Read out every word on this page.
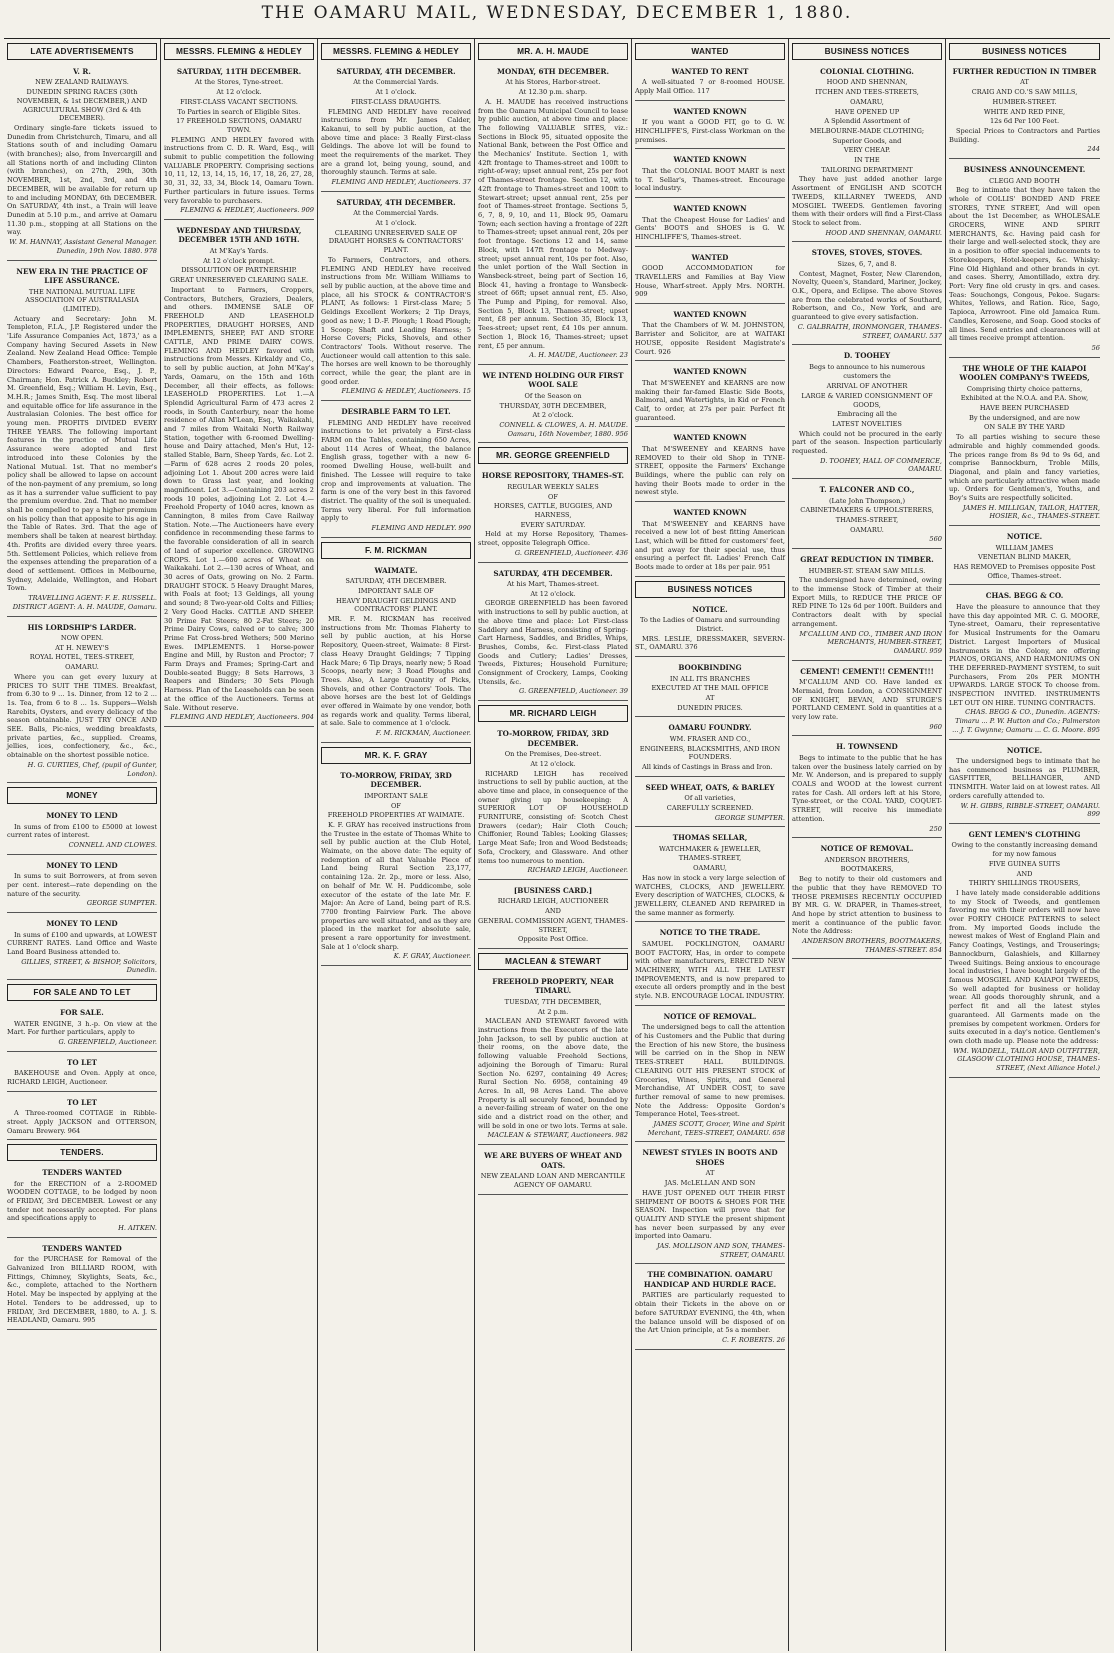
THE OAMARU MAIL, WEDNESDAY, DECEMBER 1, 1880.
LATE ADVERTISEMENTS
V. R.
NEW ZEALAND RAILWAYS.
DUNEDIN SPRING RACES (30th NOVEMBER, & 1st DECEMBER,) AND AGRICULTURAL SHOW (3rd & 4th DECEMBER).
Ordinary single-fare tickets issued to Dunedin from Christchurch, Timaru, and all Stations south of and including Oamaru (with branches); also, from Invercargill and all Stations north of and including Clinton (with branches), on 27th, 29th, 30th NOVEMBER, 1st, 2nd, 3rd, and 4th DECEMBER, will be available for return up to and including MONDAY, 6th DECEMBER. On SATURDAY, 4th inst., a Train will leave Dunedin at 5.10 p.m., and arrive at Oamaru 11.30 p.m., stopping at all Stations on the way.
W. M. HANNAY, Assistant General Manager. Dunedin, 19th Nov. 1880. 978
NEW ERA IN THE PRACTICE OF LIFE ASSURANCE.
THE NATIONAL MUTUAL LIFE ASSOCIATION OF AUSTRALASIA (LIMITED).
Actuary and Secretary: John M. Templeton, F.I.A., J.P. Registered under the 'Life Assurance Companies Act, 1873,' as a Company having Secured Assets in New Zealand. New Zealand Head Office: Temple Chambers, Featherston-street, Wellington. Directors: Edward Pearce, Esq., J. P., Chairman; Hon. Patrick A. Buckley; Robert M. Greenfield, Esq.; William H. Levin, Esq., M.H.R.; James Smith, Esq. The most liberal and equitable office for life assurance in the Australasian Colonies. The best office for young men. PROFITS DIVIDED EVERY THREE YEARS. The following important features in the practice of Mutual Life Assurance were adopted and first introduced into these Colonies by the National Mutual. 1st. That no member's policy shall be allowed to lapse on account of the non-payment of any premium, so long as it has a surrender value sufficient to pay the premium overdue. 2nd. That no member shall be compelled to pay a higher premium on his policy than that apposite to his age in the Table of Rates. 3rd. That the age of members shall be taken at nearest birthday. 4th. Profits are divided every three years. 5th. Settlement Policies, which relieve from the expenses attending the preparation of a deed of settlement. Offices in Melbourne, Sydney, Adelaide, Wellington, and Hobart Town.
TRAVELLING AGENT: F. E. RUSSELL. DISTRICT AGENT: A. H. MAUDE, Oamaru.
HIS LORDSHIP'S LARDER.
NOW OPEN.
AT H. NEWEY'S
ROYAL HOTEL, TEES-STREET,
OAMARU.
Where you can get every luxury at PRICES TO SUIT THE TIMES. Breakfast, from 6.30 to 9 ... 1s. Dinner, from 12 to 2 ... 1s. Tea, from 6 to 8 ... 1s. Suppers—Welsh Rarebits, Oysters, and every delicacy of the season obtainable. JUST TRY ONCE AND SEE. Balls, Pic-nics, wedding breakfasts, private parties, &c., supplied. Creams, jellies, ices, confectionery, &c., &c., obtainable on the shortest possible notice.
H. G. CURTIES, Chef, (pupil of Gunter, London).
MONEY
MONEY TO LEND
In sums of from £100 to £5000 at lowest current rates of interest.
CONNELL AND CLOWES.
MONEY TO LEND
In sums to suit Borrowers, at from seven per cent. interest—rate depending on the nature of the security.
GEORGE SUMPTER.
MONEY TO LEND
In sums of £100 and upwards, at LOWEST CURRENT RATES. Land Office and Waste Land Board Business attended to.
GILLIES, STREET, & BISHOP, Solicitors, Dunedin.
FOR SALE AND TO LET
FOR SALE.
WATER ENGINE, 3 h.-p. On view at the Mart. For further particulars, apply to
G. GREENFIELD, Auctioneer.
TO LET
BAKEHOUSE and Oven. Apply at once, RICHARD LEIGH, Auctioneer.
TO LET
A Three-roomed COTTAGE in Ribble-street. Apply JACKSON and OTTERSON, Oamaru Brewery. 964
TENDERS.
TENDERS WANTED
for the ERECTION of a 2-ROOMED WOODEN COTTAGE, to be lodged by noon of FRIDAY, 3rd DECEMBER. Lowest or any tender not necessarily accepted. For plans and specifications apply to
H. AITKEN.
TENDERS WANTED
for the PURCHASE for Removal of the Galvanized Iron BILLIARD ROOM, with Fittings, Chimney, Skylights, Seats, &c., &c., complete, attached to the Northern Hotel. May be inspected by applying at the Hotel. Tenders to be addressed, up to FRIDAY, 3rd DECEMBER, 1880, to A. J. S. HEADLAND, Oamaru. 995
MESSRS. FLEMING & HEDLEY
SATURDAY, 11TH DECEMBER.
At the Stores, Tyne-street.
At 12 o'clock.
FIRST-CLASS VACANT SECTIONS.
To Parties in search of Eligible Sites.
17 FREEHOLD SECTIONS, OAMARU TOWN.
FLEMING AND HEDLEY favored with instructions from C. D. R. Ward, Esq., will submit to public competition the following VALUABLE PROPERTY. Comprising sections 10, 11, 12, 13, 14, 15, 16, 17, 18, 26, 27, 28, 30, 31, 32, 33, 34, Block 14, Oamaru Town. Further particulars in future issues. Terms very favorable to purchasers.
FLEMING & HEDLEY, Auctioneers. 909
WEDNESDAY AND THURSDAY, DECEMBER 15TH AND 16TH.
At M'Kay's Yards.
At 12 o'clock prompt.
DISSOLUTION OF PARTNERSHIP.
GREAT UNRESERVED CLEARING SALE.
Important to Farmers, Croppers, Contractors, Butchers, Graziers, Dealers, and others. IMMENSE SALE OF FREEHOLD AND LEASEHOLD PROPERTIES, DRAUGHT HORSES, AND IMPLEMENTS, SHEEP, FAT AND STORE CATTLE, AND PRIME DAIRY COWS. FLEMING AND HEDLEY favored with instructions from Messrs. Kirkaldy and Co., to sell by public auction, at John M'Kay's Yards, Oamaru, on the 15th and 16th December, all their effects, as follows: LEASEHOLD PROPERTIES. Lot 1.—A Splendid Agricultural Farm of 473 acres 2 roods, in South Canterbury, near the home residence of Allan M'Lean, Esq., Waikakahi, and 7 miles from Waitaki North Railway Station, together with 6-roomed Dwelling-house and Dairy attached, Men's Hut, 12-stalled Stable, Barn, Sheep Yards, &c. Lot 2.—Farm of 628 acres 2 roods 20 poles, adjoining Lot 1. About 200 acres were laid down to Grass last year, and looking magnificent. Lot 3.—Containing 203 acres 2 roods 10 poles, adjoining Lot 2. Lot 4.—Freehold Property of 1040 acres, known as Cannington, 8 miles from Cave Railway Station. Note.—The Auctioneers have every confidence in recommending these farms to the favorable consideration of all in search of land of superior excellence. GROWING CROPS. Lot 1.—600 acres of Wheat on Waikakahi. Lot 2.—130 acres of Wheat, and 30 acres of Oats, growing on No. 2 Farm. DRAUGHT STOCK. 5 Heavy Draught Mares, with Foals at foot; 13 Geldings, all young and sound; 8 Two-year-old Colts and Fillies; 2 Very Good Hacks. CATTLE AND SHEEP. 30 Prime Fat Steers; 80 2-Fat Steers; 20 Prime Dairy Cows, calved or to calve; 300 Prime Fat Cross-bred Wethers; 500 Merino Ewes. IMPLEMENTS. 1 Horse-power Engine and Mill, by Ruston and Proctor; 7 Farm Drays and Frames; Spring-Cart and Double-seated Buggy; 8 Sets Harrows, 3 Reapers and Binders; 30 Sets Plough Harness. Plan of the Leaseholds can be seen at the office of the Auctioneers. Terms at Sale. Without reserve.
FLEMING AND HEDLEY, Auctioneers. 904
MESSRS. FLEMING & HEDLEY
SATURDAY, 4TH DECEMBER.
At the Commercial Yards.
At 1 o'clock.
FIRST-CLASS DRAUGHTS.
FLEMING AND HEDLEY have received instructions from Mr. James Calder, Kakanui, to sell by public auction, at the above time and place: 3 Really First-class Geldings. The above lot will be found to meet the requirements of the market. They are a grand lot, being young, sound, and thoroughly staunch. Terms at sale.
FLEMING AND HEDLEY, Auctioneers. 37
SATURDAY, 4TH DECEMBER.
At the Commercial Yards.
At 1 o'clock.
CLEARING UNRESERVED SALE OF DRAUGHT HORSES & CONTRACTORS' PLANT.
To Farmers, Contractors, and others. FLEMING AND HEDLEY have received instructions from Mr. William Williams to sell by public auction, at the above time and place, all his STOCK & CONTRACTOR'S PLANT, As follows: 1 First-class Mare; 5 Geldings Excellent Workers; 2 Tip Drays, good as new; 1 D.-F. Plough; 1 Road Plough; 1 Scoop; Shaft and Leading Harness; 5 Horse Covers; Picks, Shovels, and other Contractors' Tools. Without reserve. The Auctioneer would call attention to this sale. The horses are well known to be thoroughly correct, while the gear, the plant are in good order.
FLEMING & HEDLEY, Auctioneers. 15
DESIRABLE FARM TO LET.
FLEMING AND HEDLEY have received instructions to let privately a First-class FARM on the Tables, containing 650 Acres, about 114 Acres of Wheat, the balance English grass, together with a new 6-roomed Dwelling House, well-built and finished. The Lessee will require to take crop and improvements at valuation. The farm is one of the very best in this favored district. The quality of the soil is unequaled. Terms very liberal. For full information apply to
FLEMING AND HEDLEY. 990
F. M. RICKMAN
WAIMATE.
SATURDAY, 4TH DECEMBER.
IMPORTANT SALE OF
HEAVY DRAUGHT GELDINGS AND CONTRACTORS' PLANT.
MR. F. M. RICKMAN has received instructions from Mr. Thomas Flaherty to sell by public auction, at his Horse Repository, Queen-street, Waimate: 8 First-class Heavy Draught Geldings; 7 Tipping Hack Mare; 6 Tip Drays, nearly new; 5 Road Scoops, nearly new; 3 Road Ploughs and Trees. Also, A Large Quantity of Picks, Shovels, and other Contractors' Tools. The above horses are the best lot of Geldings ever offered in Waimate by one vendor, both as regards work and quality. Terms liberal, at sale. Sale to commence at 1 o'clock.
F. M. RICKMAN, Auctioneer.
MR. K. F. GRAY
TO-MORROW, FRIDAY, 3RD DECEMBER.
IMPORTANT SALE
OF
FREEHOLD PROPERTIES AT WAIMATE.
K. F. GRAY has received instructions from the Trustee in the estate of Thomas White to sell by public auction at the Club Hotel, Waimate, on the above date: The equity of redemption of all that Valuable Piece of Land being Rural Section 23,177, containing 12a. 2r. 2p., more or less. Also, on behalf of Mr. W. H. Puddicombe, sole executor of the estate of the late Mr. F. Major: An Acre of Land, being part of R.S. 7700 fronting Fairview Park. The above properties are well situated, and as they are placed in the market for absolute sale, present a rare opportunity for investment. Sale at 1 o'clock sharp.
K. F. GRAY, Auctioneer.
MR. A. H. MAUDE
MONDAY, 6TH DECEMBER.
At his Stores, Harbor-street.
At 12.30 p.m. sharp.
A. H. MAUDE has received instructions from the Oamaru Municipal Council to lease by public auction, at above time and place: The following VALUABLE SITES, viz.: Sections in Block 95, situated opposite the National Bank, between the Post Office and the Mechanics' Institute. Section 1, with 42ft frontage to Thames-street and 100ft to right-of-way; upset annual rent, 25s per foot of Thames-street frontage. Section 12, with 42ft frontage to Thames-street and 100ft to Stewart-street; upset annual rent, 25s per foot of Thames-street frontage. Sections 5, 6, 7, 8, 9, 10, and 11, Block 95, Oamaru Town; each section having a frontage of 22ft to Thames-street; upset annual rent, 20s per foot frontage. Sections 12 and 14, same Block, with 147ft frontage to Medway-street; upset annual rent, 10s per foot. Also, the unlet portion of the Wall Section in Wansbeck-street, being part of Section 16, Block 41, having a frontage to Wansbeck-street of 66ft; upset annual rent, £5. Also, The Pump and Piping, for removal. Also, Section 5, Block 13, Thames-street; upset rent, £8 per annum. Section 35, Block 13, Tees-street; upset rent, £4 10s per annum. Section 1, Block 16, Thames-street; upset rent, £5 per annum.
A. H. MAUDE, Auctioneer. 23
WE INTEND HOLDING OUR FIRST WOOL SALE
Of the Season on
THURSDAY, 30TH DECEMBER,
At 2 o'clock.
CONNELL & CLOWES, A. H. MAUDE. Oamaru, 16th November, 1880. 956
MR. GEORGE GREENFIELD
HORSE REPOSITORY, THAMES-ST.
REGULAR WEEKLY SALES
OF
HORSES, CATTLE, BUGGIES, AND HARNESS,
EVERY SATURDAY.
Held at my Horse Repository, Thames-street, opposite Telegraph Office.
G. GREENFIELD, Auctioneer. 436
SATURDAY, 4TH DECEMBER.
At his Mart, Thames-street.
At 12 o'clock.
GEORGE GREENFIELD has been favored with instructions to sell by public auction, at the above time and place: Lot First-class Saddlery and Harness, consisting of Spring-Cart Harness, Saddles, and Bridles, Whips, Brushes, Combs, &c. First-class Plated Goods and Cutlery; Ladies' Dresses, Tweeds, Fixtures; Household Furniture; Consignment of Crockery, Lamps, Cooking Utensils, &c.
G. GREENFIELD, Auctioneer. 39
MR. RICHARD LEIGH
TO-MORROW, FRIDAY, 3RD DECEMBER.
On the Premises, Dee-street.
At 12 o'clock.
RICHARD LEIGH has received instructions to sell by public auction, at the above time and place, in consequence of the owner giving up housekeeping: A SUPERIOR LOT OF HOUSEHOLD FURNITURE, consisting of: Scotch Chest Drawers (cedar); Hair Cloth Couch; Chiffonier, Round Tables; Looking Glasses; Large Meat Safe; Iron and Wood Bedsteads; Sofa, Crockery, and Glassware. And other items too numerous to mention.
RICHARD LEIGH, Auctioneer.
[BUSINESS CARD.]
RICHARD LEIGH, AUCTIONEER
AND
GENERAL COMMISSION AGENT, THAMES-STREET,
Opposite Post Office.
MACLEAN & STEWART
FREEHOLD PROPERTY, NEAR TIMARU.
TUESDAY, 7TH DECEMBER,
At 2 p.m.
MACLEAN AND STEWART favored with instructions from the Executors of the late John Jackson, to sell by public auction at their rooms, on the above date, the following valuable Freehold Sections, adjoining the Borough of Timaru: Rural Section No. 6297, containing 49 Acres; Rural Section No. 6958, containing 49 Acres. In all, 98 Acres Land. The above Property is all securely fenced, bounded by a never-failing stream of water on the one side and a district road on the other, and will be sold in one or two lots. Terms at sale.
MACLEAN & STEWART, Auctioneers. 982
WE ARE BUYERS OF WHEAT AND OATS.
NEW ZEALAND LOAN AND MERCANTILE AGENCY OF OAMARU.
WANTED
WANTED TO RENT
A well-situated 7 or 8-roomed HOUSE. Apply Mail Office. 117
WANTED KNOWN
If you want a GOOD FIT, go to G. W. HINCHLIFFE'S, First-class Workman on the premises.
WANTED KNOWN
That the COLONIAL BOOT MART is next to T. Sellar's, Thames-street. Encourage local industry.
WANTED KNOWN
That the Cheapest House for Ladies' and Gents' BOOTS and SHOES is G. W. HINCHLIFFE'S, Thames-street.
WANTED
GOOD ACCOMMODATION for TRAVELLERS and Families at Bay View House, Wharf-street. Apply Mrs. NORTH. 909
WANTED KNOWN
That the Chambers of W. M. JOHNSTON, Barrister and Solicitor, are at WAITAKI HOUSE, opposite Resident Magistrate's Court. 926
WANTED KNOWN
That M'SWEENEY and KEARNS are now making their far-famed Elastic Side Boots, Balmoral, and Watertights, in Kid or French Calf, to order, at 27s per pair. Perfect fit guaranteed.
WANTED KNOWN
That M'SWEENEY and KEARNS have REMOVED to their old Shop in TYNE-STREET, opposite the Farmers' Exchange Buildings, where the public can rely on having their Boots made to order in the newest style.
WANTED KNOWN
That M'SWEENEY and KEARNS have received a new lot of best fitting American Last, which will be fitted for customers' feet, and put away for their special use, thus ensuring a perfect fit. Ladies' French Calf Boots made to order at 18s per pair. 951
BUSINESS NOTICES
NOTICE.
To the Ladies of Oamaru and surrounding District.
MRS. LESLIE, DRESSMAKER, SEVERN-ST., OAMARU. 376
BOOKBINDING
IN ALL ITS BRANCHES
EXECUTED AT THE MAIL OFFICE
AT
DUNEDIN PRICES.
OAMARU FOUNDRY.
WM. FRASER AND CO.,
ENGINEERS, BLACKSMITHS, AND IRON FOUNDERS.
All kinds of Castings in Brass and Iron.
SEED WHEAT, OATS, & BARLEY
Of all varieties,
CAREFULLY SCREENED.
GEORGE SUMPTER.
THOMAS SELLAR,
WATCHMAKER & JEWELLER,
THAMES-STREET,
OAMARU,
Has now in stock a very large selection of WATCHES, CLOCKS, AND JEWELLERY. Every description of WATCHES, CLOCKS, & JEWELLERY, CLEANED AND REPAIRED in the same manner as formerly.
NOTICE TO THE TRADE.
SAMUEL POCKLINGTON, OAMARU BOOT FACTORY, Has, in order to compete with other manufacturers, ERECTED NEW MACHINERY, WITH ALL THE LATEST IMPROVEMENTS, and is now prepared to execute all orders promptly and in the best style. N.B. ENCOURAGE LOCAL INDUSTRY.
NOTICE OF REMOVAL.
The undersigned begs to call the attention of his Customers and the Public that during the Erection of his new Store, the business will be carried on in the Shop in NEW TEES-STREET HALL BUILDINGS. CLEARING OUT HIS PRESENT STOCK of Groceries, Wines, Spirits, and General Merchandise, AT UNDER COST, to save further removal of same to new premises. Note the Address: Opposite Gordon's Temperance Hotel, Tees-street.
JAMES SCOTT, Grocer, Wine and Spirit Merchant, TEES-STREET, OAMARU. 658
NEWEST STYLES IN BOOTS AND SHOES
AT
JAS. McLELLAN AND SON
HAVE JUST OPENED OUT THEIR FIRST SHIPMENT OF BOOTS & SHOES FOR THE SEASON. Inspection will prove that for QUALITY AND STYLE the present shipment has never been surpassed by any ever imported into Oamaru.
JAS. MOLLISON AND SON, THAMES-STREET, OAMARU.
THE COMBINATION. OAMARU HANDICAP AND HURDLE RACE.
PARTIES are particularly requested to obtain their Tickets in the above on or before SATURDAY EVENING, the 4th, when the balance unsold will be disposed of on the Art Union principle, at 5s a member.
C. F. ROBERTS. 26
BUSINESS NOTICES
COLONIAL CLOTHING.
HOOD AND SHENNAN,
ITCHEN AND TEES-STREETS,
OAMARU,
HAVE OPENED UP
A Splendid Assortment of
MELBOURNE-MADE CLOTHING;
Superior Goods, and
VERY CHEAP.
IN THE
TAILORING DEPARTMENT
They have just added another large Assortment of ENGLISH AND SCOTCH TWEEDS, KILLARNEY TWEEDS, AND MOSGIEL TWEEDS. Gentlemen favoring them with their orders will find a First-Class Stock to select from.
HOOD AND SHENNAN, OAMARU.
STOVES, STOVES, STOVES.
Sizes, 6, 7, and 8.
Contest, Magnet, Foster, New Clarendon, Novelty, Queen's, Standard, Mariner, Jockey, O.K., Opera, and Eclipse. The above Stoves are from the celebrated works of Southard, Robertson, and Co., New York, and are guaranteed to give every satisfaction.
C. GALBRAITH, IRONMONGER, THAMES-STREET, OAMARU. 537
D. TOOHEY
Begs to announce to his numerous
customers the
ARRIVAL OF ANOTHER
LARGE & VARIED CONSIGNMENT OF GOODS,
Embracing all the
LATEST NOVELTIES
Which could not be procured in the early part of the season. Inspection particularly requested.
D. TOOHEY, HALL OF COMMERCE, OAMARU.
T. FALCONER AND CO.,
(Late John Thompson,)
CABINETMAKERS & UPHOLSTERERS,
THAMES-STREET,
OAMARU.
560
GREAT REDUCTION IN TIMBER.
HUMBER-ST. STEAM SAW MILLS.
The undersigned have determined, owing to the immense Stock of Timber at their Export Mills, to REDUCE THE PRICE OF RED PINE To 12s 6d per 100ft. Builders and Contractors dealt with by special arrangement.
M'CALLUM AND CO., TIMBER AND IRON MERCHANTS, HUMBER-STREET, OAMARU. 959
CEMENT! CEMENT!! CEMENT!!!
M'CALLUM AND CO. Have landed ex Mermaid, from London, a CONSIGNMENT OF KNIGHT, BEVAN, AND STURGE'S PORTLAND CEMENT. Sold in quantities at a very low rate.
960
H. TOWNSEND
Begs to intimate to the public that he has taken over the business lately carried on by Mr. W. Anderson, and is prepared to supply COALS and WOOD at the lowest current rates for Cash. All orders left at his Store, Tyne-street, or the COAL YARD, COQUET-STREET, will receive his immediate attention.
250
NOTICE OF REMOVAL.
ANDERSON BROTHERS,
BOOTMAKERS,
Beg to notify to their old customers and the public that they have REMOVED TO THOSE PREMISES RECENTLY OCCUPIED BY MR. G. W. DRAPER, in Thames-street, And hope by strict attention to business to merit a continuance of the public favor. Note the Address:
ANDERSON BROTHERS, BOOTMAKERS, THAMES-STREET. 854
BUSINESS NOTICES
FURTHER REDUCTION IN TIMBER
AT
CRAIG AND CO.'S SAW MILLS,
HUMBER-STREET.
WHITE AND RED PINE,
12s 6d Per 100 Feet.
Special Prices to Contractors and Parties Building.
244
BUSINESS ANNOUNCEMENT.
CLEGG AND BOOTH
Beg to intimate that they have taken the whole of COLLIS' BONDED AND FREE STORES, TYNE STREET, And will open about the 1st December, as WHOLESALE GROCERS, WINE AND SPIRIT MERCHANTS, &c. Having paid cash for their large and well-selected stock, they are in a position to offer special inducements to Storekeepers, Hotel-keepers, &c. Whisky: Fine Old Highland and other brands in cyt. and cases. Sherry, Amontillado, extra dry. Port: Very fine old crusty in qrs. and cases. Teas: Souchongs, Congous, Pekoe. Sugars: Whites, Yellows, and Ration. Rice, Sago, Tapioca, Arrowroot. Fine old Jamaica Rum. Candles, Kerosene, and Soap. Good stocks of all lines. Send entries and clearances will at all times receive prompt attention.
56
THE WHOLE OF THE KAIAPOI WOOLEN COMPANY'S TWEEDS,
Comprising thirty choice patterns,
Exhibited at the N.O.A. and P.A. Show,
HAVE BEEN PURCHASED
By the undersigned, and are now
ON SALE BY THE YARD
To all parties wishing to secure these admirable and highly commended goods. The prices range from 8s 9d to 9s 6d, and comprise Bannockburn, Troble Mills, Diagonal, and plain and fancy varieties, which are particularly attractive when made up. Orders for Gentlemen's, Youths, and Boy's Suits are respectfully solicited.
JAMES H. MILLIGAN, TAILOR, HATTER, HOSIER, &c., THAMES-STREET.
NOTICE.
WILLIAM JAMES
VENETIAN BLIND MAKER,
HAS REMOVED to Premises opposite Post Office, Thames-street.
CHAS. BEGG & CO.
Have the pleasure to announce that they have this day appointed MR. C. G. MOORE, Tyne-street, Oamaru, their representative for Musical Instruments for the Oamaru District. Largest Importers of Musical Instruments in the Colony, are offering PIANOS, ORGANS, AND HARMONIUMS ON THE DEFERRED-PAYMENT SYSTEM, to suit Purchasers, From 20s PER MONTH UPWARDS. LARGE STOCK To choose from. INSPECTION INVITED. INSTRUMENTS LET OUT ON HIRE. TUNING CONTRACTS.
CHAS. BEGG & CO., Dunedin. AGENTS: Timaru ... P. W. Hutton and Co.; Palmerston ... J. T. Gwynne; Oamaru ... C. G. Moore. 895
NOTICE.
The undersigned begs to intimate that he has commenced business as PLUMBER, GASFITTER, BELLHANGER, AND TINSMITH. Water laid on at lowest rates. All orders carefully attended to.
W. H. GIBBS, RIBBLE-STREET, OAMARU. 899
GENT LEMEN'S CLOTHING
Owing to the constantly increasing demand for my now famous
FIVE GUINEA SUITS
AND
THIRTY SHILLINGS TROUSERS,
I have lately made considerable additions to my Stock of Tweeds, and gentlemen favoring me with their orders will now have over FORTY CHOICE PATTERNS to select from. My imported Goods include the newest makes of West of England Plain and Fancy Coatings, Vestings, and Trouserings; Bannockburn, Galashiels, and Killarney Tweed Suitings. Being anxious to encourage local industries, I have bought largely of the famous MOSGIEL AND KAIAPOI TWEEDS, So well adapted for business or holiday wear. All goods thoroughly shrunk, and a perfect fit and all the latest styles guaranteed. All Garments made on the premises by competent workmen. Orders for suits executed in a day's notice. Gentlemen's own cloth made up. Please note the address:
WM. WADDELL, TAILOR AND OUTFITTER, GLASGOW CLOTHING HOUSE, THAMES-STREET, (Next Alliance Hotel.)
